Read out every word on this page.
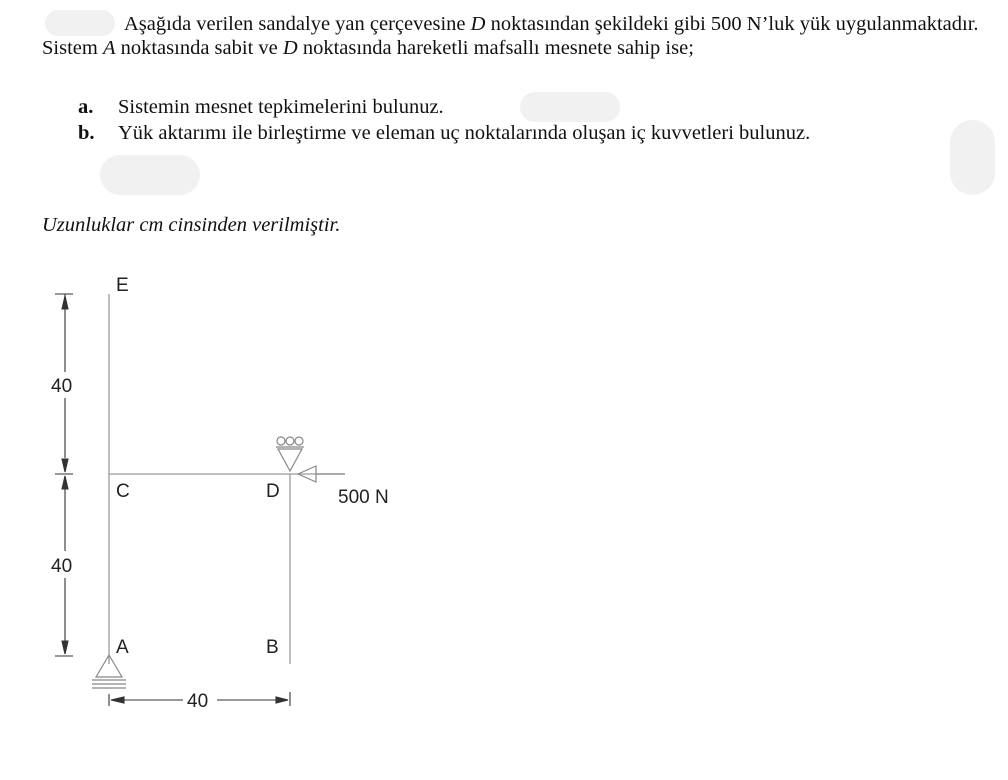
Aşağıda verilen sandalye yan çerçevesine D noktasından şekildeki gibi 500 N’luk yük uygulanmaktadır. Sistem A noktasında sabit ve D noktasında hareketli mafsallı mesnete sahip ise;

a.	Sistemin mesnet tepkimelerini bulunuz.
b.	Yük aktarımı ile birleştirme ve eleman uç noktalarında oluşan iç kuvvetleri bulunuz.
Uzunluklar cm cinsinden verilmiştir.
E
C	D
A	B
500 N
40
40
40
